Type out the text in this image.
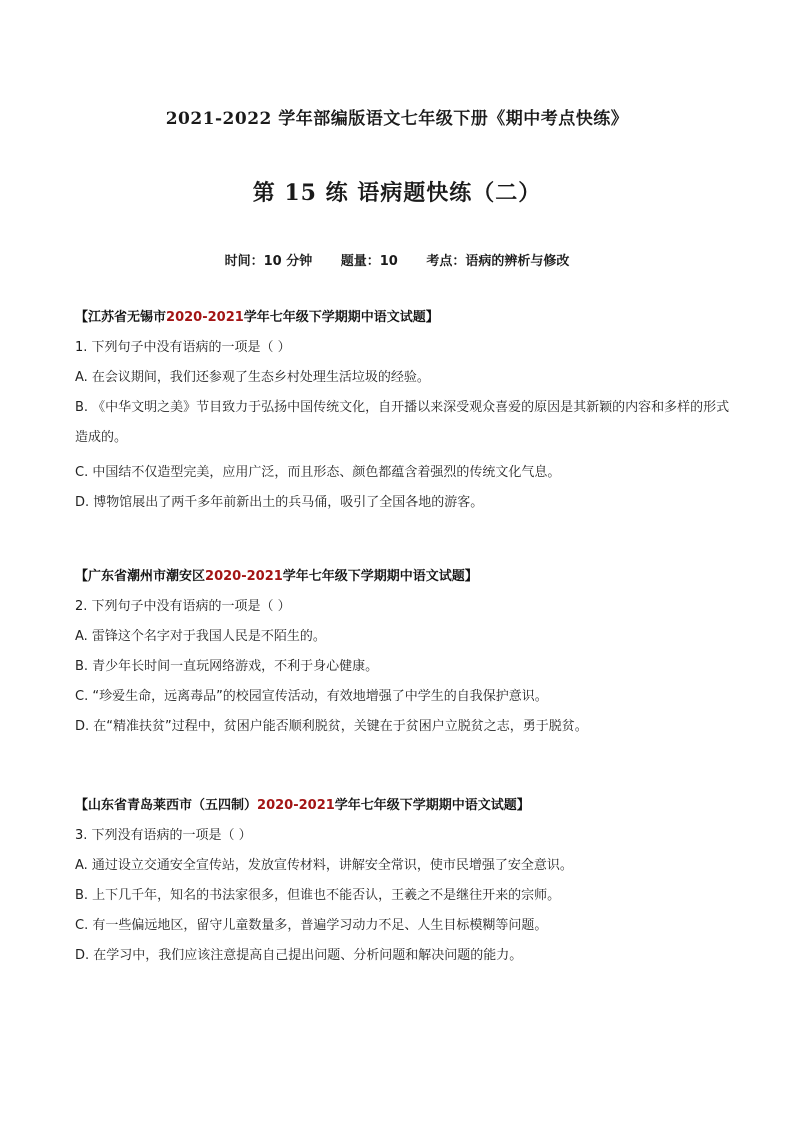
2021-2022 学年部编版语文七年级下册《期中考点快练》
第 15 练 语病题快练（二）
时间：10 分钟 题量：10 考点：语病的辨析与修改
【江苏省无锡市2020-2021学年七年级下学期期中语文试题】
1. 下列句子中没有语病的一项是（ ）
A. 在会议期间，我们还参观了生态乡村处理生活垃圾的经验。
B. 《中华文明之美》节目致力于弘扬中国传统文化，自开播以来深受观众喜爱的原因是其新颖的内容和多样的形式造成的。
C. 中国结不仅造型完美，应用广泛，而且形态、颜色都蕴含着强烈的传统文化气息。
D. 博物馆展出了两千多年前新出土的兵马俑，吸引了全国各地的游客。
【广东省潮州市潮安区2020-2021学年七年级下学期期中语文试题】
2. 下列句子中没有语病的一项是（ ）
A. 雷锋这个名字对于我国人民是不陌生的。
B. 青少年长时间一直玩网络游戏，不利于身心健康。
C. “珍爱生命，远离毒品”的校园宣传活动，有效地增强了中学生的自我保护意识。
D. 在“精准扶贫”过程中，贫困户能否顺利脱贫，关键在于贫困户立脱贫之志，勇于脱贫。
【山东省青岛莱西市（五四制）2020-2021学年七年级下学期期中语文试题】
3. 下列没有语病的一项是（ ）
A. 通过设立交通安全宣传站，发放宣传材料，讲解安全常识，使市民增强了安全意识。
B. 上下几千年，知名的书法家很多，但谁也不能否认，王羲之不是继往开来的宗师。
C. 有一些偏远地区，留守儿童数量多，普遍学习动力不足、人生目标模糊等问题。
D. 在学习中，我们应该注意提高自己提出问题、分析问题和解决问题的能力。
